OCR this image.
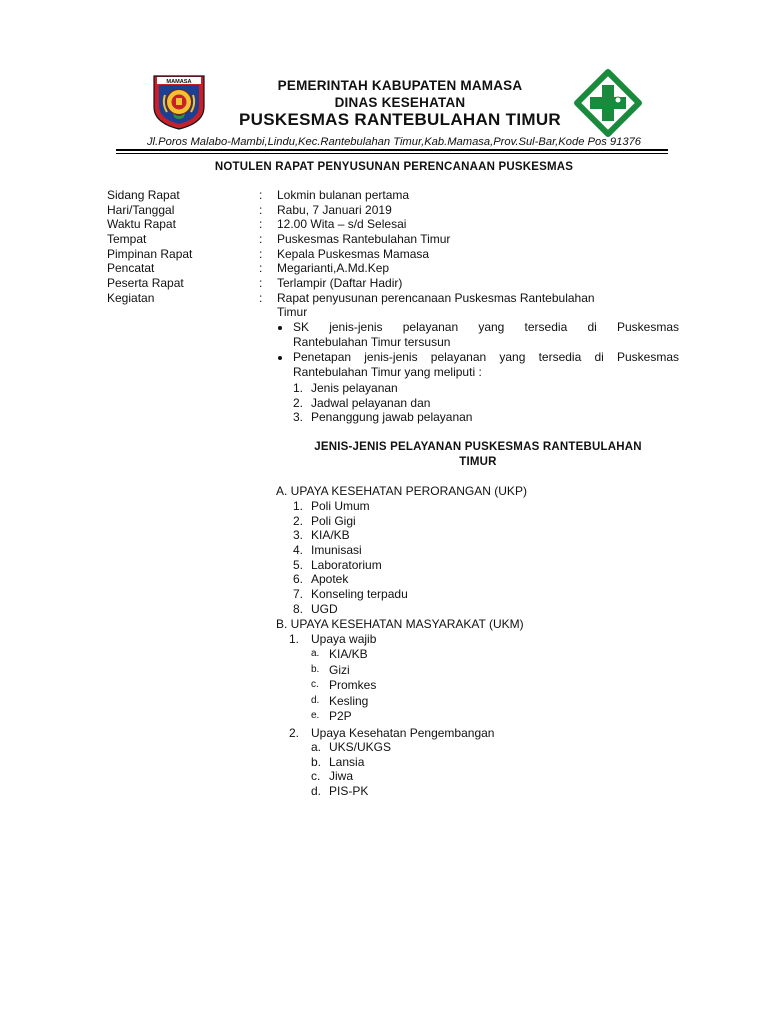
MAMASA	PEMERINTAH KABUPATEN MAMASA
DINAS KESEHATAN
PUSKESMAS RANTEBULAHAN TIMUR
Jl.Poros Malabo-Mambi,Lindu,Kec.Rantebulahan Timur,Kab.Mamasa,Prov.Sul-Bar,Kode Pos 91376
NOTULEN RAPAT PENYUSUNAN PERENCANAAN PUSKESMAS
Sidang Rapat	: Lokmin bulanan pertama
Hari/Tanggal	: Rabu, 7 Januari 2019
Waktu Rapat	: 12.00 Wita – s/d Selesai
Tempat	: Puskesmas Rantebulahan Timur
Pimpinan Rapat	: Kepala Puskesmas Mamasa
Pencatat	: Megarianti,A.Md.Kep
Peserta Rapat	: Terlampir (Daftar Hadir)
Kegiatan	: Rapat penyusunan perencanaan Puskesmas Rantebulahan
Timur
SK jenis-jenis pelayanan yang tersedia di Puskesmas
Rantebulahan Timur tersusun
Penetapan jenis-jenis pelayanan yang tersedia di Puskesmas
Rantebulahan Timur yang meliputi :
1. Jenis pelayanan
2. Jadwal pelayanan dan
3. Penanggung jawab pelayanan
JENIS-JENIS PELAYANAN PUSKESMAS RANTEBULAHAN
TIMUR
A. UPAYA KESEHATAN PERORANGAN (UKP)
1. Poli Umum
2. Poli Gigi
3. KIA/KB
4. Imunisasi
5. Laboratorium
6. Apotek
7. Konseling terpadu
8. UGD
B. UPAYA KESEHATAN MASYARAKAT (UKM)
1. Upaya wajib
a. KIA/KB
b. Gizi
c. Promkes
d. Kesling
e. P2P
2. Upaya Kesehatan Pengembangan
a. UKS/UKGS
b. Lansia
c. Jiwa
d. PIS-PK
